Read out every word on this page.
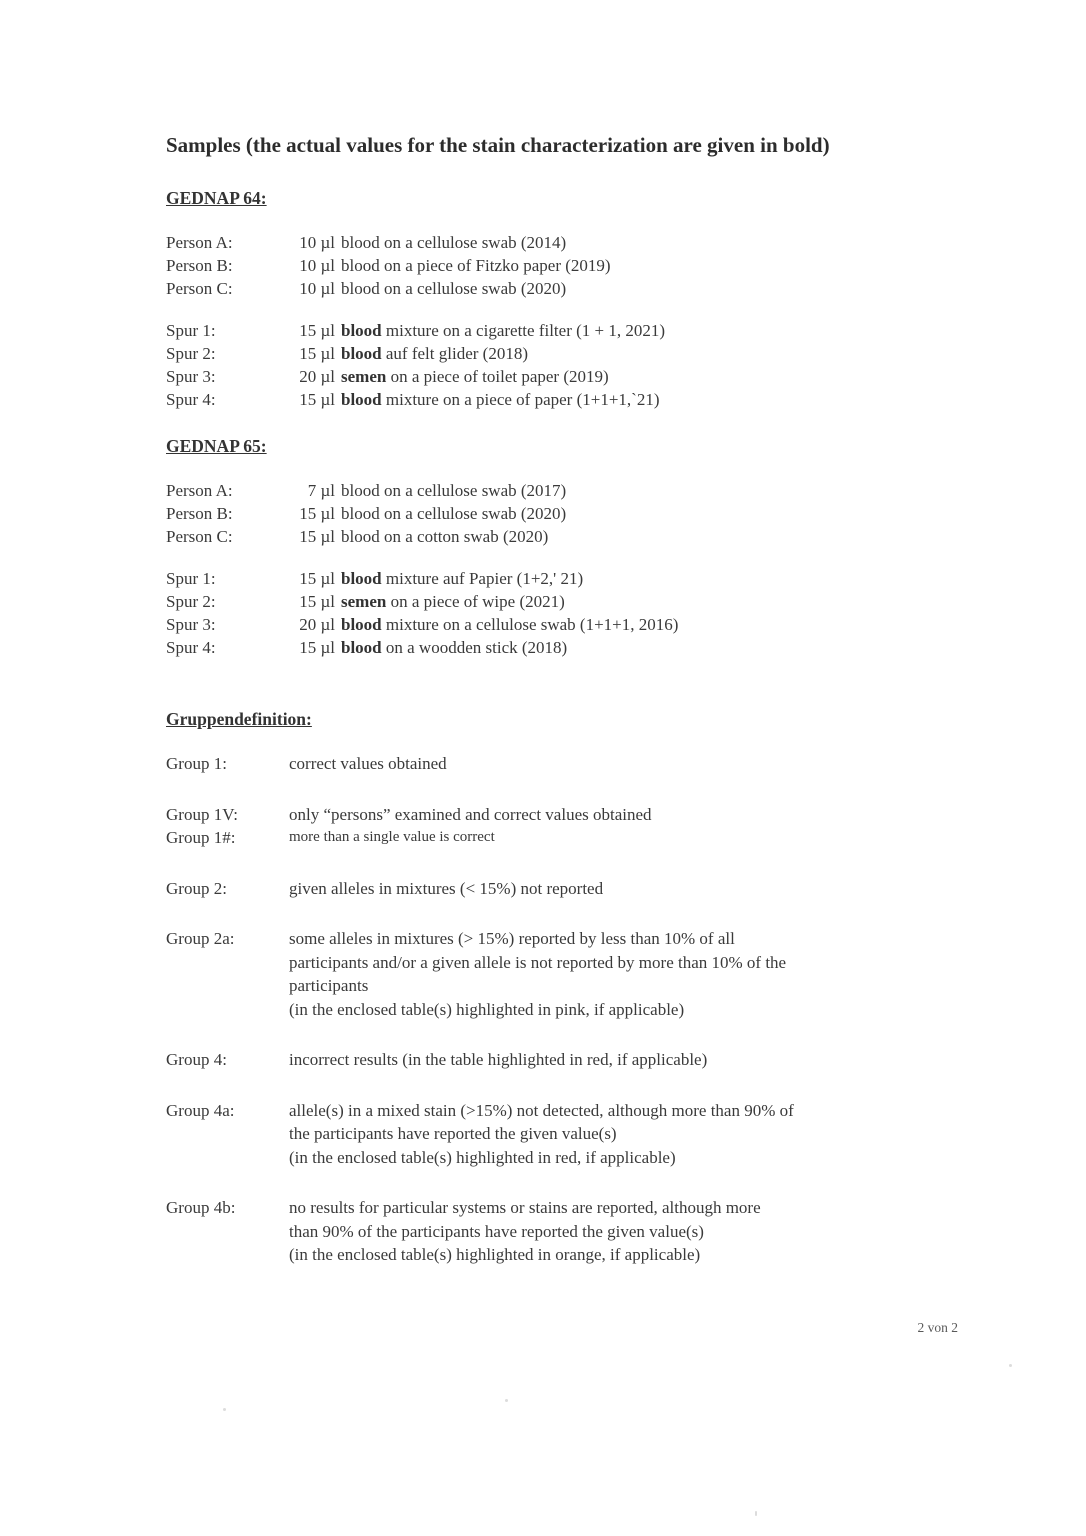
Samples (the actual values for the stain characterization are given in bold)
GEDNAP 64:
Person A:	10 µl blood on a cellulose swab (2014)
Person B:	10 µl blood on a piece of Fitzko paper (2019)
Person C:	10 µl blood on a cellulose swab (2020)
Spur 1:	15 µl blood mixture on a cigarette filter (1 + 1, 2021)
Spur 2:	15 µl blood auf felt glider (2018)
Spur 3:	20 µl semen on a piece of toilet paper (2019)
Spur 4:	15 µl blood mixture on a piece of paper (1+1+1,`21)
GEDNAP 65:
Person A:	7 µl blood on a cellulose swab (2017)
Person B:	15 µl blood on a cellulose swab (2020)
Person C:	15 µl blood on a cotton swab (2020)
Spur 1:	15 µl blood mixture auf Papier (1+2,' 21)
Spur 2:	15 µl semen on a piece of wipe (2021)
Spur 3:	20 µl blood mixture on a cellulose swab (1+1+1, 2016)
Spur 4:	15 µl blood on a woodden stick (2018)
Gruppendefinition:
Group 1:	correct values obtained
Group 1V:	only “persons” examined and correct values obtained
Group 1#:	more than a single value is correct
Group 2:	given alleles in mixtures (< 15%) not reported
Group 2a:	some alleles in mixtures (> 15%) reported by less than 10% of all
participants and/or a given allele is not reported by more than 10% of the
participants
(in the enclosed table(s) highlighted in pink, if applicable)
Group 4:	incorrect results (in the table highlighted in red, if applicable)
Group 4a:	allele(s) in a mixed stain (>15%) not detected, although more than 90% of
the participants have reported the given value(s)
(in the enclosed table(s) highlighted in red, if applicable)
Group 4b:	no results for particular systems or stains are reported, although more
than 90% of the participants have reported the given value(s)
(in the enclosed table(s) highlighted in orange, if applicable)
2 von 2
